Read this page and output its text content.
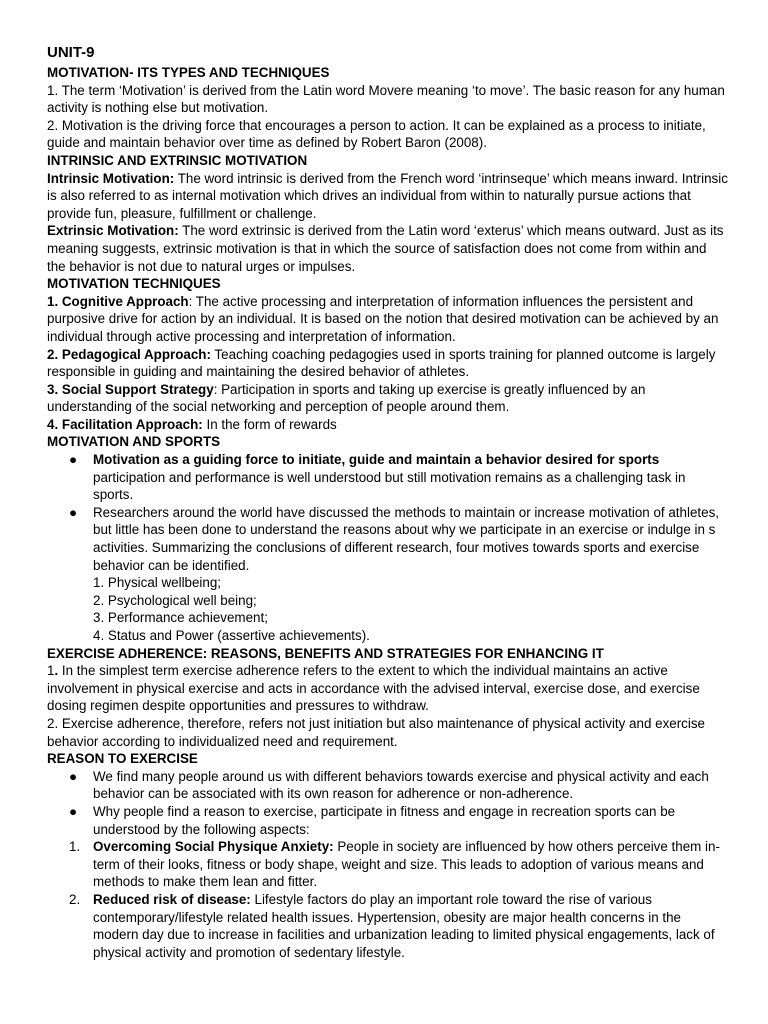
UNIT-9
MOTIVATION- ITS TYPES AND TECHNIQUES

1. The term ‘Motivation’ is derived from the Latin word Movere meaning ‘to move’. The basic reason for any human activity is nothing else but motivation.

2. Motivation is the driving force that encourages a person to action. It can be explained as a process to initiate, guide and maintain behavior over time as defined by Robert Baron (2008).

INTRINSIC AND EXTRINSIC MOTIVATION

Intrinsic Motivation: The word intrinsic is derived from the French word ‘intrinseque’ which means inward. Intrinsic is also referred to as internal motivation which drives an individual from within to naturally pursue actions that provide fun, pleasure, fulfillment or challenge.

Extrinsic Motivation: The word extrinsic is derived from the Latin word ‘exterus’ which means outward. Just as its meaning suggests, extrinsic motivation is that in which the source of satisfaction does not come from within and the behavior is not due to natural urges or impulses.

MOTIVATION TECHNIQUES

1. Cognitive Approach: The active processing and interpretation of information influences the persistent and purposive drive for action by an individual. It is based on the notion that desired motivation can be achieved by an individual through active processing and interpretation of information.

2. Pedagogical Approach: Teaching coaching pedagogies used in sports training for planned outcome is largely responsible in guiding and maintaining the desired behavior of athletes.

3. Social Support Strategy: Participation in sports and taking up exercise is greatly influenced by an understanding of the social networking and perception of people around them.

4. Facilitation Approach: In the form of rewards

MOTIVATION AND SPORTS
● Motivation as a guiding force to initiate, guide and maintain a behavior desired for sports participation and performance is well understood but still motivation remains as a challenging task in sports.
● Researchers around the world have discussed the methods to maintain or increase motivation of athletes, but little has been done to understand the reasons about why we participate in an exercise or indulge in s activities. Summarizing the conclusions of different research, four motives towards sports and exercise behavior can be identified.
1. Physical wellbeing;
2. Psychological well being;
3. Performance achievement;
4. Status and Power (assertive achievements).
EXERCISE ADHERENCE: REASONS, BENEFITS AND STRATEGIES FOR ENHANCING IT

1. In the simplest term exercise adherence refers to the extent to which the individual maintains an active involvement in physical exercise and acts in accordance with the advised interval, exercise dose, and exercise dosing regimen despite opportunities and pressures to withdraw.

2. Exercise adherence, therefore, refers not just initiation but also maintenance of physical activity and exercise behavior according to individualized need and requirement.

REASON TO EXERCISE
● We find many people around us with different behaviors towards exercise and physical activity and each behavior can be associated with its own reason for adherence or non-adherence.
● Why people find a reason to exercise, participate in fitness and engage in recreation sports can be understood by the following aspects:
1. Overcoming Social Physique Anxiety: People in society are influenced by how others perceive them in-term of their looks, fitness or body shape, weight and size. This leads to adoption of various means and methods to make them lean and fitter.
2. Reduced risk of disease: Lifestyle factors do play an important role toward the rise of various contemporary/lifestyle related health issues. Hypertension, obesity are major health concerns in the modern day due to increase in facilities and urbanization leading to limited physical engagements, lack of physical activity and promotion of sedentary lifestyle.
